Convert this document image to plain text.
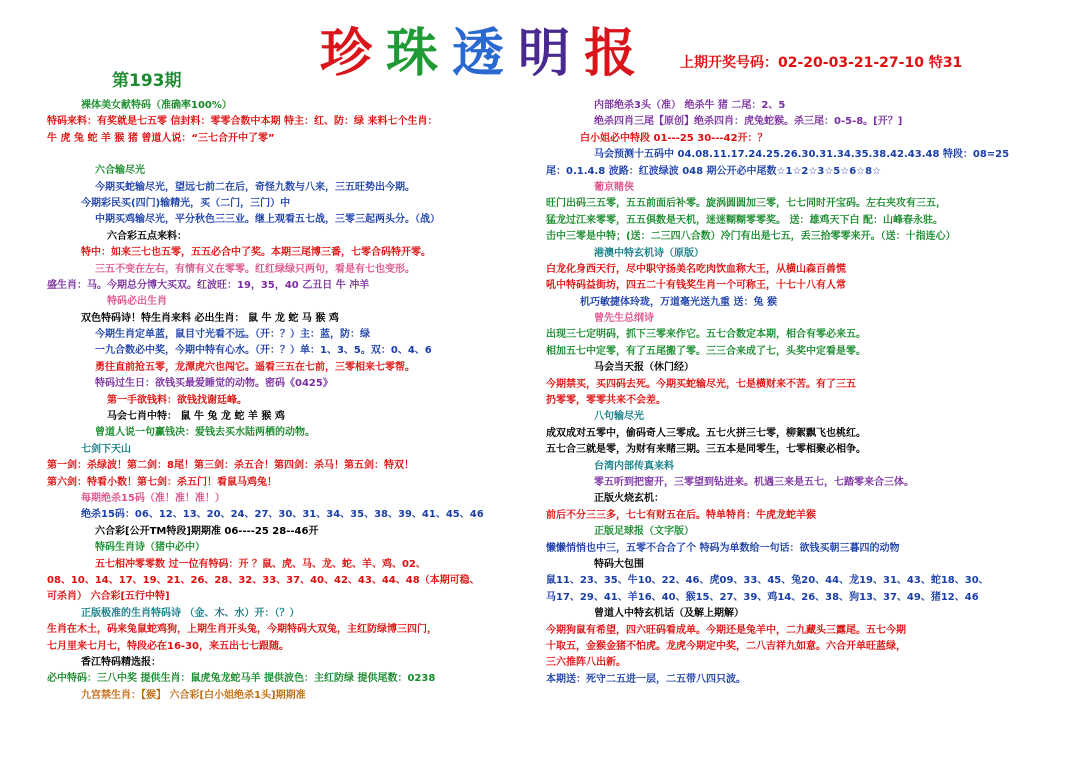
珍珠透明报
第193期
上期开奖号码：02-20-03-21-27-10 特31
裸体美女献特码（准确率100%）
特码来料：有奖就是七五零 信封料：零零合数中本期 特主：红、防：绿 来料七个生肖：
牛 虎 兔 蛇 羊 猴 猪 曾道人说：“三七合开中了零”
六合输尽光
今期买蛇输尽光，望远七前二在后，奇怪九数与八来，三五旺势出今期。
今期彩民买(四门)输精光，买（二门，三门）中
中期买鸡输尽光，平分秋色三三业。继上观看五七战，三零三起两头分。（战）
六合彩五点来料：
特中：如来三七也五零，五五必合中了奖。本期三尾博三番，七零合码特开零。
三五不变在左右，有情有义在零零。红红绿绿只两句，看是有七也变形。
盛生肖：马。今期总分博大买双。红波旺：19，35，40 乙丑日 牛 冲羊
特码必出生肖
双色特码诗！特生肖来料 必出生肖： 鼠 牛 龙 蛇 马 猴 鸡
今期生肖定单蓝，鼠目寸光看不远。（开：？）主：蓝，防：绿
一九合数必中奖，今期中特有心水。（开：？）单：1、3、5。双：0、4、6
勇往直前抢五零，龙潭虎穴也闯它。遥看三五在七前，三零相来七零帮。
特码过生日：欲钱买最爱睡觉的动物。密码《0425》
第一手欲钱料：欲钱找谢廷峰。
马会七肖中特： 鼠 牛 兔 龙 蛇 羊 猴 鸡
曾道人说一句赢钱决：爱钱去买水陆两栖的动物。
七剑下天山
第一剑：杀绿波！第二剑：8尾！第三剑：杀五合！第四剑：杀马！第五剑：特双！
第六剑：特看小数！第七剑：杀五门！看鼠马鸡兔！
每期绝杀15码（准！准！准！）
绝杀15码：06、12、13、20、24、27、30、31、34、35、38、39、41、45、46
六合彩[公开TM特段]期期准 06----25 28--46开
特码生肖诗（猪中必中）
五七相冲零零数 过一位有特码：开 ？鼠、虎、马、龙、蛇、羊、鸡、02、
08、10、14、17、19、21、26、28、32、33、37、40、42、43、44、48（本期可稳、
可杀肖） 六合彩[五行中特]
正版极准的生肖特码诗 （金、木、水）开：（？）
生肖在木土，码来兔鼠蛇鸡狗，上期生肖开头兔，今期特码大双兔，主红防绿博三四门，
七月里来七月七，特段必在16-30，来五出七七跟随。
香江特码精选报：
必中特码：三八中奖 提供生肖：鼠虎兔龙蛇马羊 提供波色：主红防绿 提供尾数：0238
九宫禁生肖：【猴】 六合彩[白小姐绝杀1头]期期准
内部绝杀3头（准） 绝杀牛 猪 二尾：2、5
绝杀四肖三尾【原创】绝杀四肖：虎兔蛇猴。杀三尾：0-5-8。[开？]
白小姐必中特段 01---25 30---42开：？
马会预测十五码中 04.08.11.17.24.25.26.30.31.34.35.38.42.43.48 特段：08=25
尾：0.1.4.8 波路：红波绿波 048 期公开必中尾数☆1☆2☆3☆5☆6☆8☆
葡京赌侠
旺门出码三五零，五五前面后补零。旋涡圆圆加三零，七七同时开宝码。左右夹攻有三五，
猛龙过江来零零，五五倶数是天机，迷迷糊糊零零奖。 送：雄鸡天下白 配：山峰春永驻。
击中三零是中特；(送：二三四八合数）冷门有出是七五，丢三拾零零来开。（送：十指连心）
港澳中特玄机诗（原版）
白龙化身西天行，尽中职守扬美名吃肉饮血称大王，从横山森百兽慌
吼中特码益街坊，四五二十有钱奖生肖一个可称王，十七十八有人常
机巧敏捷体玲珑，万道毫光送九重 送：兔 猴
曾先生总纲诗
出现三七定明码，抓下三零来作它。五七合数定本期，相合有零必来五。
相加五七中定零，有了五尾搬了零。三三合来成了七，头奖中定看是零。
马会当天报（休门经）
今期禁买，买四码去死。今期买蛇输尽光，七是横财来不苦。有了三五
扔零零，零零共来不会差。
八句输尽光
成双成对五零中，偷码奇人三零成。五七火拼三七零，柳絮飘飞也桃红。
五七合三就是零，为财有来赌三期。三五本是同零生，七零相聚必相争。
台湾内部传真来料
零五听到把窗开，三零望到钻进来。机遇三来是五七，七踏零来合三体。
正版火烧玄机：
前后不分三三多，七七有财五在后。特单特肖：牛虎龙蛇羊猴
正版足球报（文字版）
懒懒悄悄也中三，五零不合合了个 特码为单数给一句话：欲钱买朝三暮四的动物
特码大包围
鼠11、23、35、牛10、22、46、虎09、33、45、兔20、44、龙19、31、43、蛇18、30、
马17、29、41、羊16、40、猴15、27、39、鸡14、26、38、狗13、37、49、猪12、46
曾道人中特玄机话（及解上期解）
今期狗鼠有希望，四六旺码看成单。今期还是兔羊中，二九藏头三露尾。五七今期
十取五，金猴金猪不怕虎。龙虎今期定中奖，二八吉祥九如意。六合开单旺蓝绿，
三六推阵八出新。
本期送：死守二五进一层，二五带八四只波。
